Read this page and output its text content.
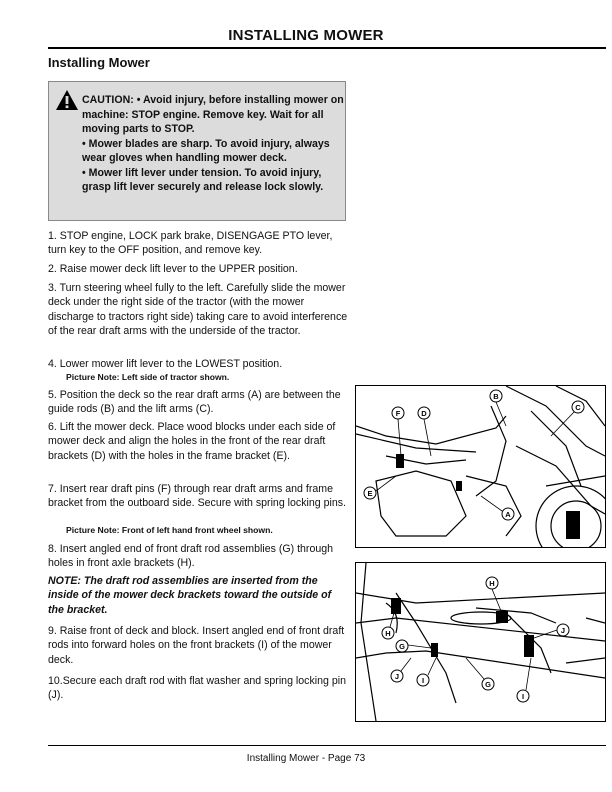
INSTALLING MOWER
Installing Mower
CAUTION: • Avoid injury, before installing mower on machine: STOP engine. Remove key. Wait for all moving parts to STOP.
• Mower blades are sharp. To avoid injury, always wear gloves when handling mower deck.
• Mower lift lever under tension. To avoid injury, grasp lift lever securely and release lock slowly.
1. STOP engine, LOCK park brake, DISENGAGE PTO lever, turn key to the OFF position, and remove key.
2. Raise mower deck lift lever to the UPPER position.
3. Turn steering wheel fully to the left. Carefully slide the mower deck under the right side of the tractor (with the mower discharge to tractors right side) taking care to avoid interference of the rear draft arms with the underside of the tractor.
4. Lower mower lift lever to the LOWEST position.
Picture Note: Left side of tractor shown.
5. Position the deck so the rear draft arms (A) are between the guide rods (B) and the lift arms (C).
6. Lift the mower deck. Place wood blocks under each side of mower deck and align the holes in the front of the rear draft brackets (D) with the holes in the frame bracket (E).
7. Insert rear draft pins (F) through rear draft arms and frame bracket from the outboard side. Secure with spring locking pins.
Picture Note: Front of left hand front wheel shown.
8. Insert angled end of front draft rod assemblies (G) through holes in front axle brackets (H).
NOTE: The draft rod assemblies are inserted from the inside of the mower deck brackets toward the outside of the bracket.
9. Raise front of deck and block. Insert angled end of front draft rods into forward holes on the front brackets (I) of the mower deck.
10.Secure each draft rod with flat washer and spring locking pin (J).
B
C
F	D
E
A
H
J
H
G
J	I	G
I
Installing Mower - Page 73
